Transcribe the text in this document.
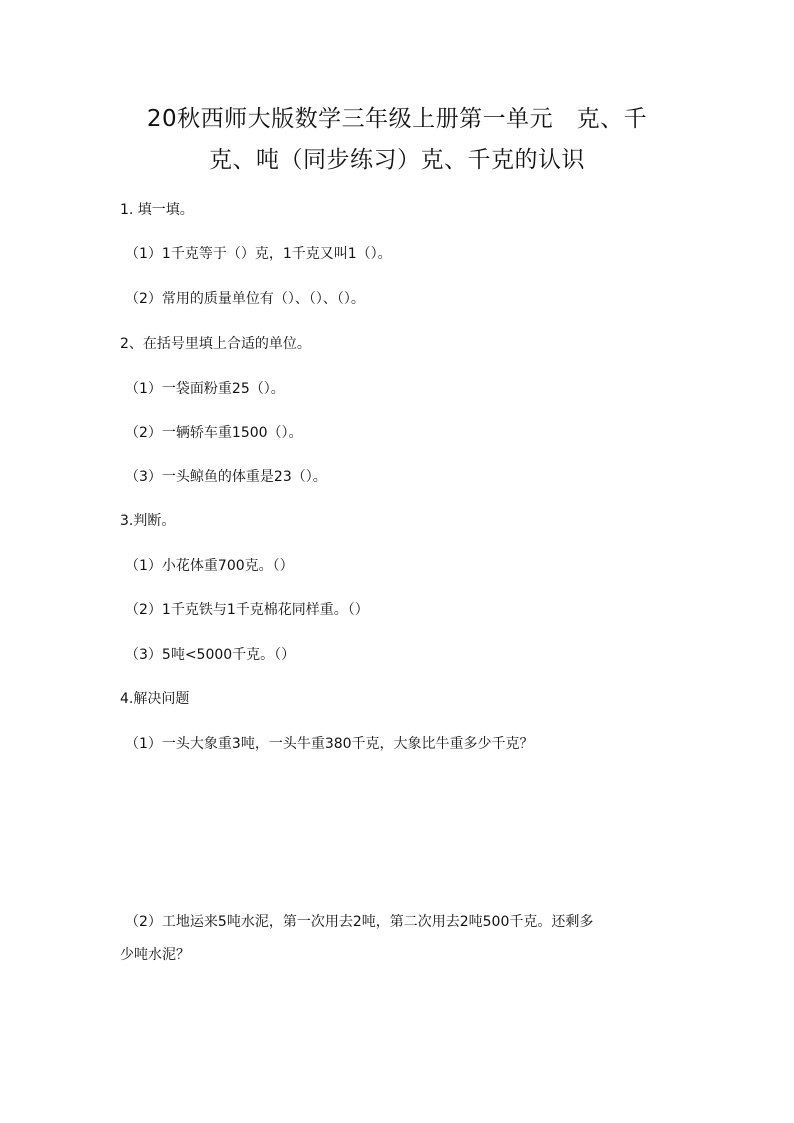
20秋西师大版数学三年级上册第一单元　克、千
克、吨（同步练习）克、千克的认识
1. 填一填。
（1）1千克等于（）克，1千克又叫1（）。
（2）常用的质量单位有（）、（）、（）。
2、在括号里填上合适的单位。
（1）一袋面粉重25（）。
（2）一辆轿车重1500（）。
（3）一头鲸鱼的体重是23（）。
3.判断。
（1）小花体重700克。（）
（2）1千克铁与1千克棉花同样重。（）
（3）5吨<5000千克。（）
4.解决问题
（1）一头大象重3吨，一头牛重380千克，大象比牛重多少千克？
（2）工地运来5吨水泥，第一次用去2吨，第二次用去2吨500千克。还剩多
少吨水泥？
